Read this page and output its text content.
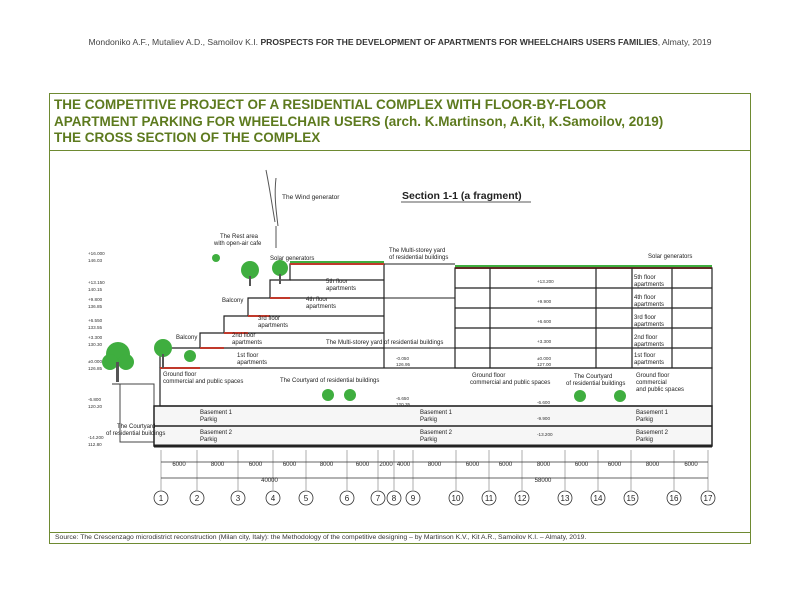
Mondoniko A.F., Mutaliev A.D., Samoilov K.I. PROSPECTS FOR THE DEVELOPMENT OF APARTMENTS FOR WHEELCHAIRS USERS FAMILIES, Almaty, 2019
THE COMPETITIVE PROJECT OF A RESIDENTIAL COMPLEX WITH FLOOR-BY-FLOOR
APARTMENT PARKING FOR WHEELCHAIR USERS (arch. K.Martinson, A.Kit, K.Samoilov, 2019)
THE CROSS SECTION OF THE COMPLEX
1	2	3	4	5	6	7 8 9	10	11	12	13	14	15	16	17
6000	8000	6000	6000	8000	6000 2000 4000	8000	6000	6000	8000	6000	6000	8000	6000
40000	58000
+16.000
146.03
+13.150
140.15
+9.800
136.85
+6.550
133.55
+3.300
130.30
±0.000
126.85
-6.800
120.20
-14.200
112.80
-0.050
126.95
-6.650
120.35
+13.200
+9.900
+6.600
+3.300
±0.000
127.00
-6.600
-9.900
-13.200
Section 1-1 (a fragment)
The Wind generator
The Rest area
with open-air cafe
Solar generators	Solar generators
The Multi-storey yard
of residential buildings
The Multi-storey yard of residential buildings
Balcony
Balcony
5th floor
apartments
4th floor
apartments
3rd floor
apartments
2nd floor
apartments
1st floor
apartments
Ground floor
commercial and public spaces	The Courtyard of residential buildings
Ground floor
commercial and public spaces
The Courtyard
of residential buildings
Ground floor
commercial
and public spaces
The Courtyard
of residential buildings
5th floor
apartments
4th floor
apartments
3rd floor
apartments
2nd floor
apartments
1st floor
apartments
Basement 1
Parkig
Basement 2
Parkig
Basement 1
Parkig
Basement 2
Parkig
Basement 1
Parkig
Basement 2
Parkig
Source: The Crescenzago microdistrict reconstruction (Milan city, Italy): the Methodology of the competitive designing – by Martinson K.V., Kit A.R., Samoilov K.I. – Almaty, 2019.
